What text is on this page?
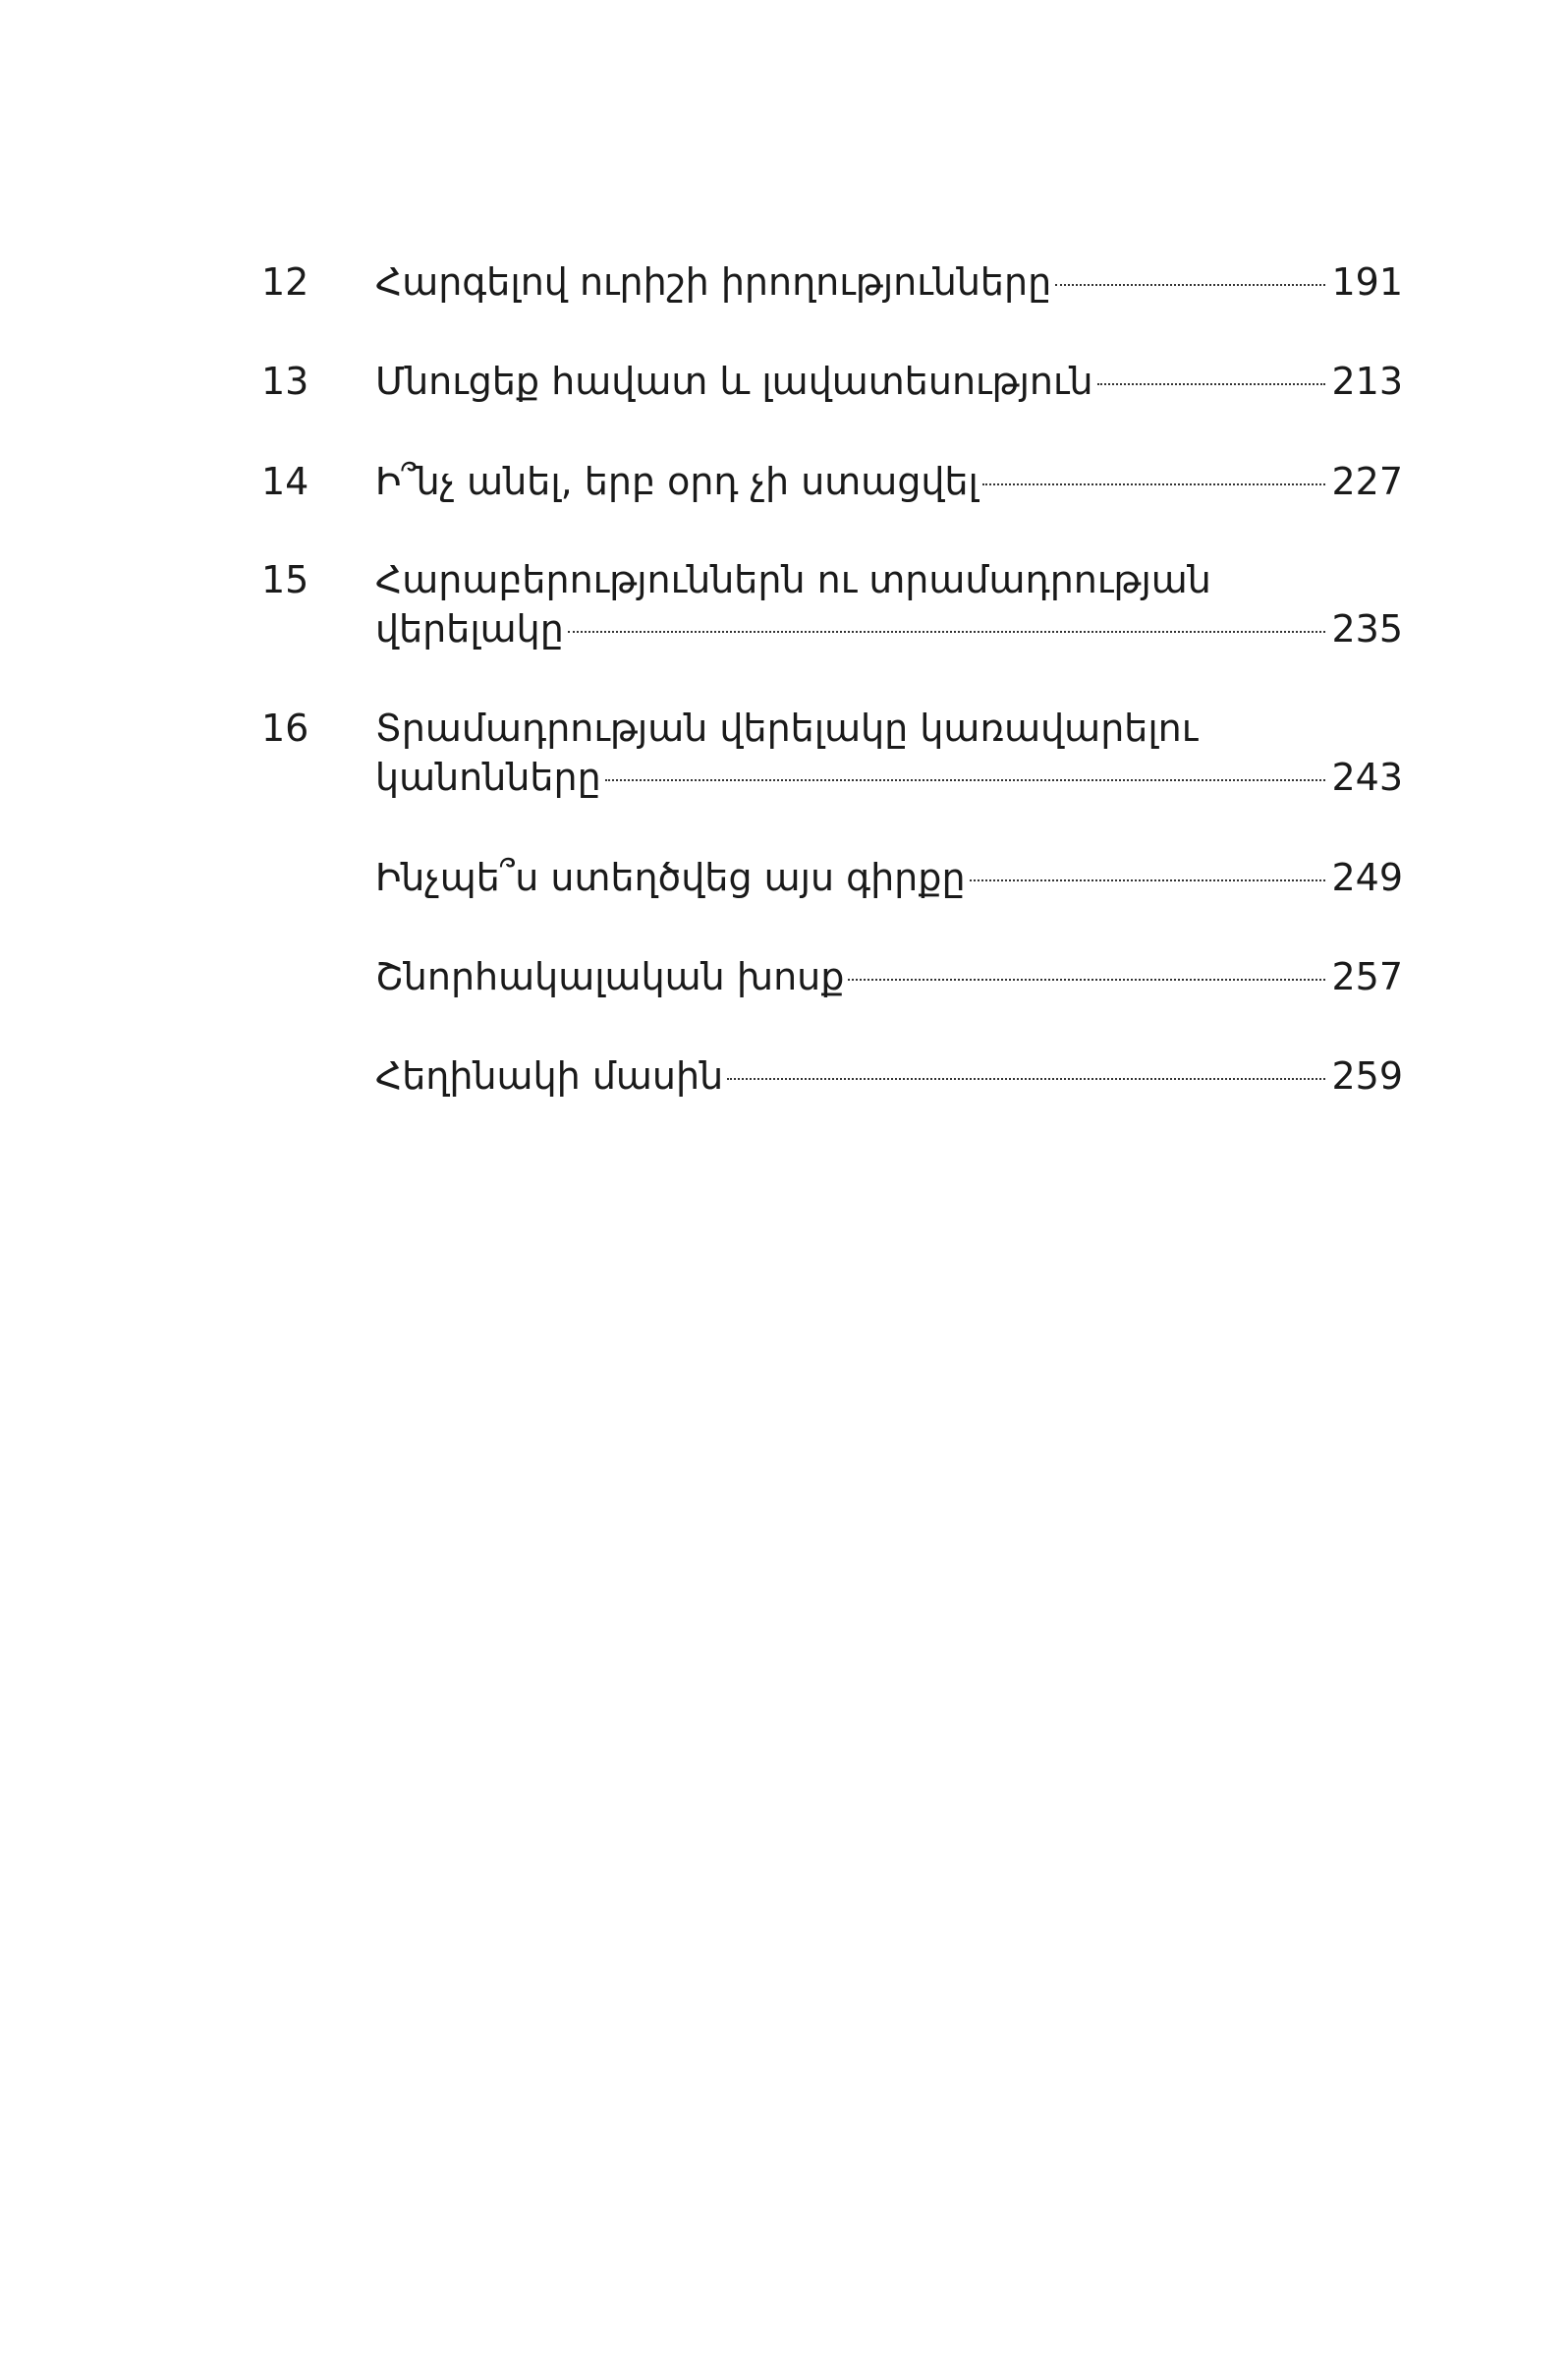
12	Հարգելով ուրիշի իրողությունները	191
13	Մնուցեք հավատ և լավատեսություն	213
14	Ի՞նչ անել, երբ օրդ չի ստացվել	227
15	Հարաբերություններն ու տրամադրության
վերելակը	235
16	Տրամադրության վերելակը կառավարելու
կանոնները	243
Ինչպե՞ս ստեղծվեց այս գիրքը	249
Շնորհակալական խոսք	257
Հեղինակի մասին	259
